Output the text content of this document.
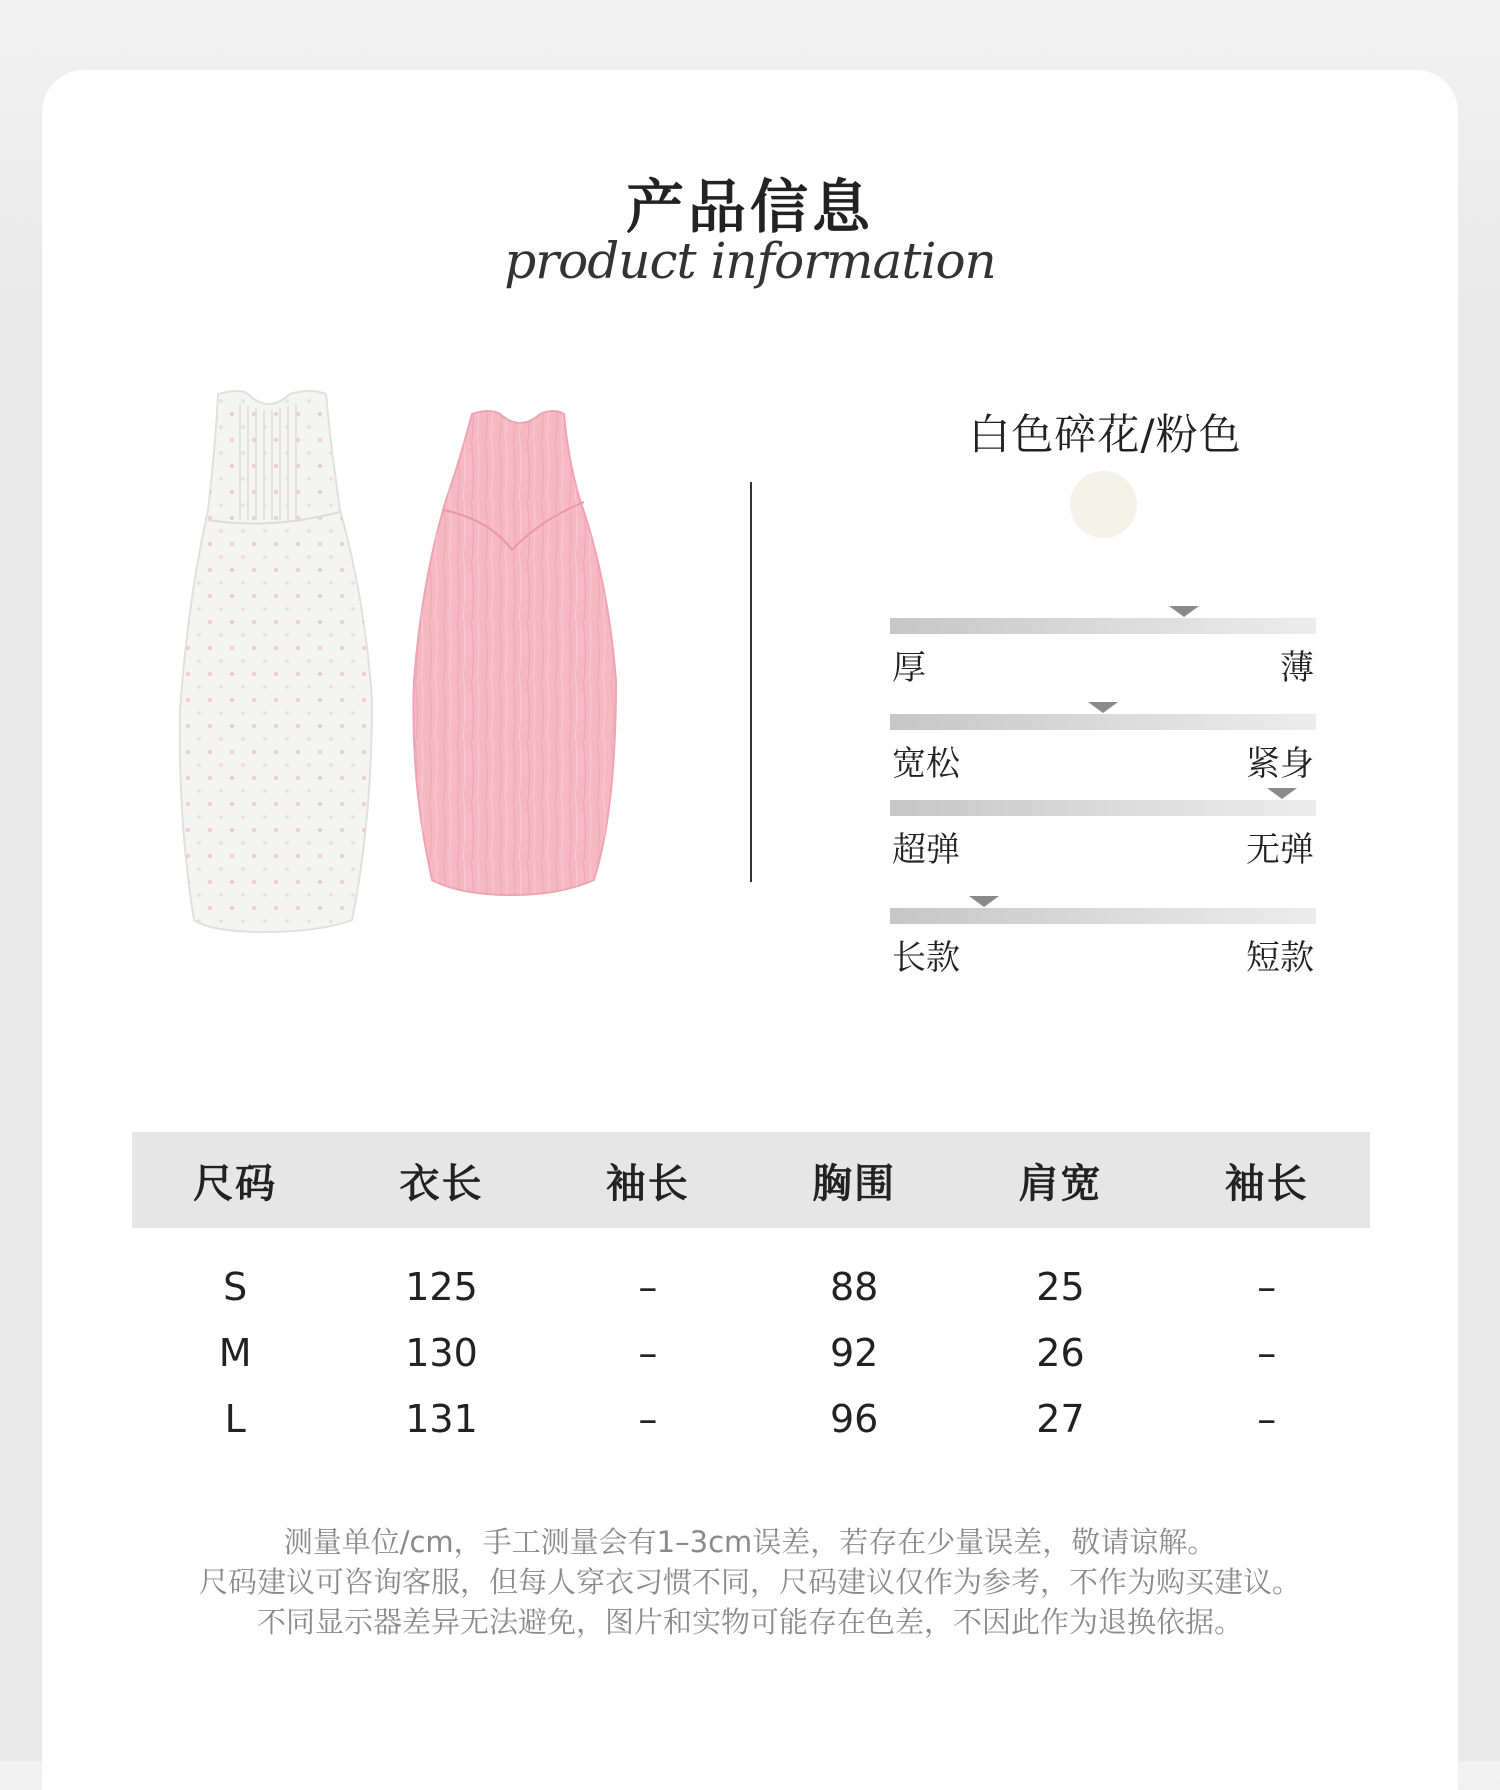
产品信息
product information
白色碎花/粉色
厚	薄
宽松	紧身
超弹	无弹
长款	短款
尺码	衣长	袖长	胸围	肩宽	袖长
S	125	–	88	25	–
M	130	–	92	26	–
L	131	–	96	27	–
测量单位/cm，手工测量会有1–3cm误差，若存在少量误差，敬请谅解。
尺码建议可咨询客服，但每人穿衣习惯不同，尺码建议仅作为参考，不作为购买建议。
不同显示器差异无法避免，图片和实物可能存在色差，不因此作为退换依据。
